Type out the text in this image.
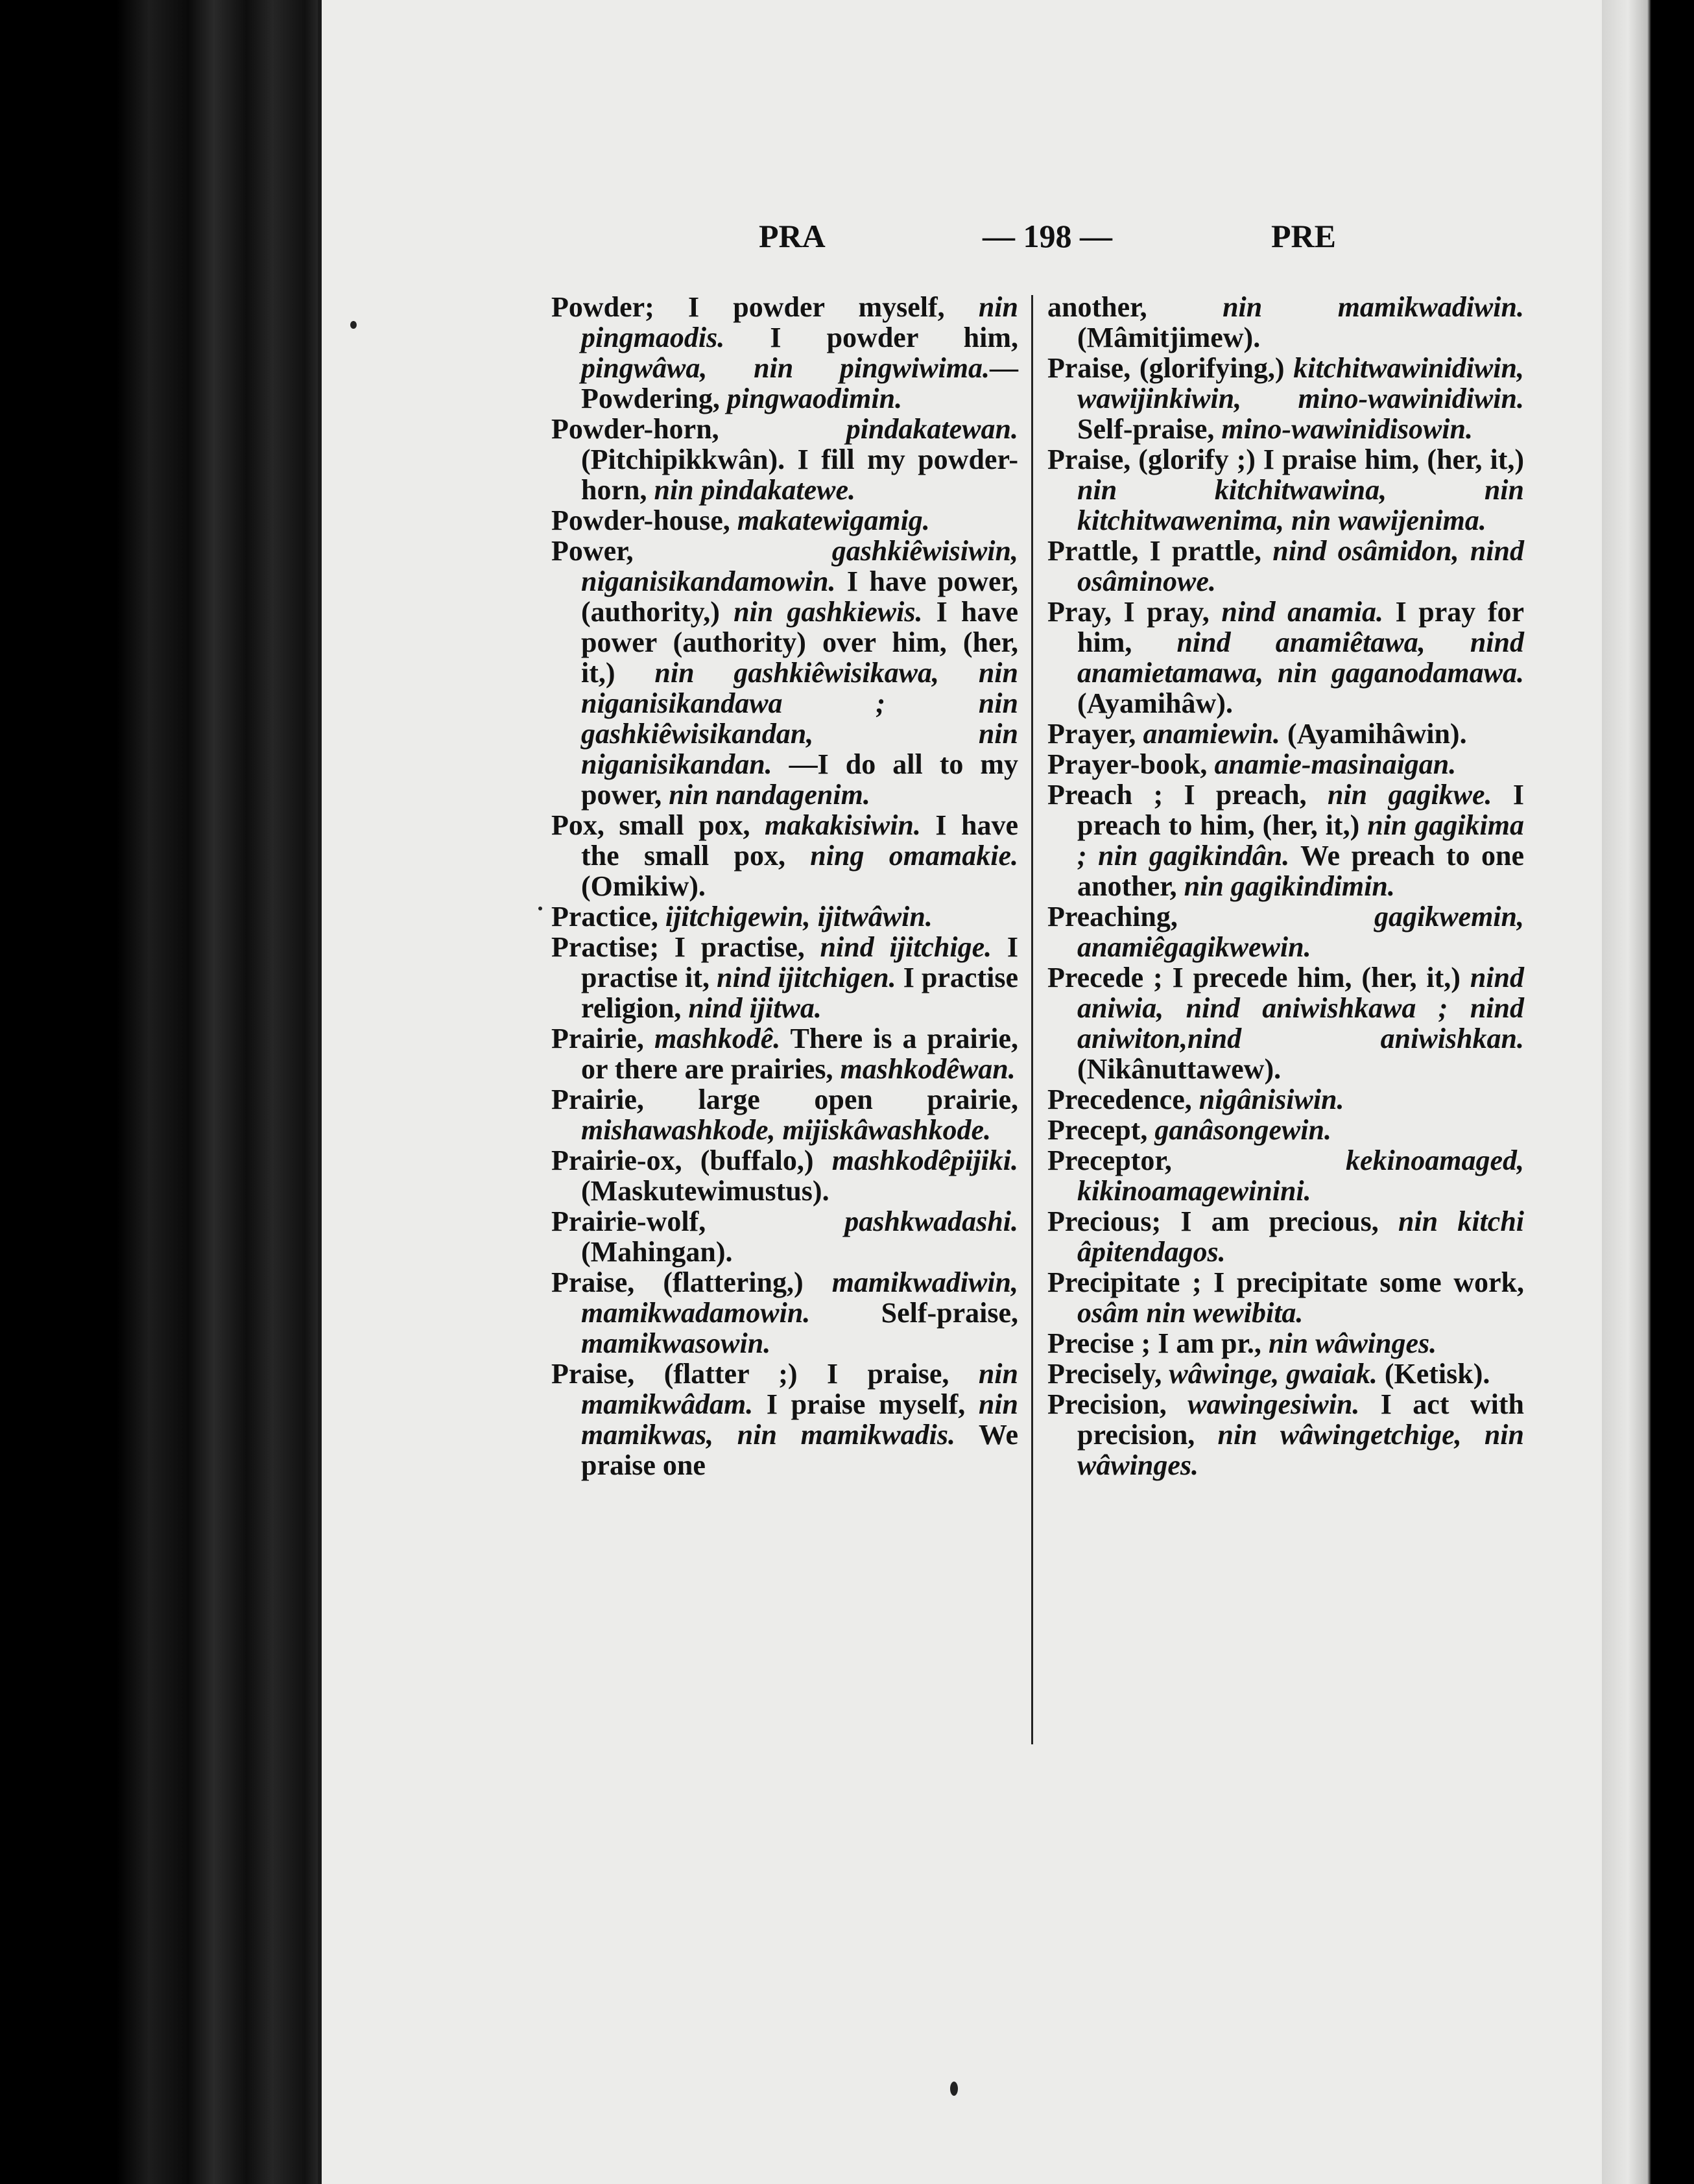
PRA	— 198 —	PRE

Powder; I powder myself, nin pingmaodis. I powder him, pingwâwa, nin pingwiwima.— Powdering, pingwaodimin.

Powder-horn, pindakatewan. (Pitchipikkwân). I fill my powder-horn, nin pindakatewe.

Powder-house, makatewigamig.

Power, gashkiêwisiwin, niganisikandamowin. I have power, (authority,) nin gashkiewis. I have power (authority) over him, (her, it,) nin gashkiêwisikawa, nin niganisikandawa ; nin gashkiêwisikandan, nin niganisikandan. —I do all to my power, nin nandagenim.

Pox, small pox, makakisiwin. I have the small pox, ning omamakie. (Omikiw).

Practice, ijitchigewin, ijitwâwin.

Practise; I practise, nind ijitchige. I practise it, nind ijitchigen. I practise religion, nind ijitwa.

Prairie, mashkodê. There is a prairie, or there are prairies, mashkodêwan.

Prairie, large open prairie, mishawashkode, mijiskâwashkode.

Prairie-ox, (buffalo,) mashkodêpijiki. (Maskutewimustus).

Prairie-wolf, pashkwadashi.(Mahingan).

Praise, (flattering,) mamikwadiwin, mamikwadamowin. Self-praise, mamikwasowin.

Praise, (flatter ;) I praise, nin mamikwâdam. I praise myself, nin mamikwas, nin mamikwadis. We praise one

another, nin mamikwadiwin. (Mâmitjimew).

Praise, (glorifying,) kitchitwawinidiwin, wawijinkiwin, mino-wawinidiwin. Self-praise, mino-wawinidisowin.

Praise, (glorify ;) I praise him, (her, it,) nin kitchitwawina, nin kitchitwawenima, nin wawijenima.

Prattle, I prattle, nind osâmidon, nind osâminowe.

Pray, I pray, nind anamia. I pray for him, nind anamiêtawa, nind anamietamawa, nin gaganodamawa. (Ayamihâw).

Prayer, anamiewin. (Ayamihâwin).

Prayer-book, anamie-masinaigan.

Preach ; I preach, nin gagikwe. I preach to him, (her, it,) nin gagikima ; nin gagikindân. We preach to one another, nin gagikindimin.

Preaching, gagikwemin, anamiêgagikwewin.

Precede ; I precede him, (her, it,) nind aniwia, nind aniwishkawa ; nind aniwiton,nind aniwishkan. (Nikânuttawew).

Precedence, nigânisiwin.

Precept, ganâsongewin.

Preceptor, kekinoamaged, kikinoamagewinini.

Precious; I am precious, nin kitchi âpitendagos.

Precipitate ; I precipitate some work, osâm nin wewibita.

Precise ; I am pr., nin wâwinges.

Precisely, wâwinge, gwaiak. (Ketisk).

Precision, wawingesiwin. I act with precision, nin wâwingetchige, nin wâwinges.
